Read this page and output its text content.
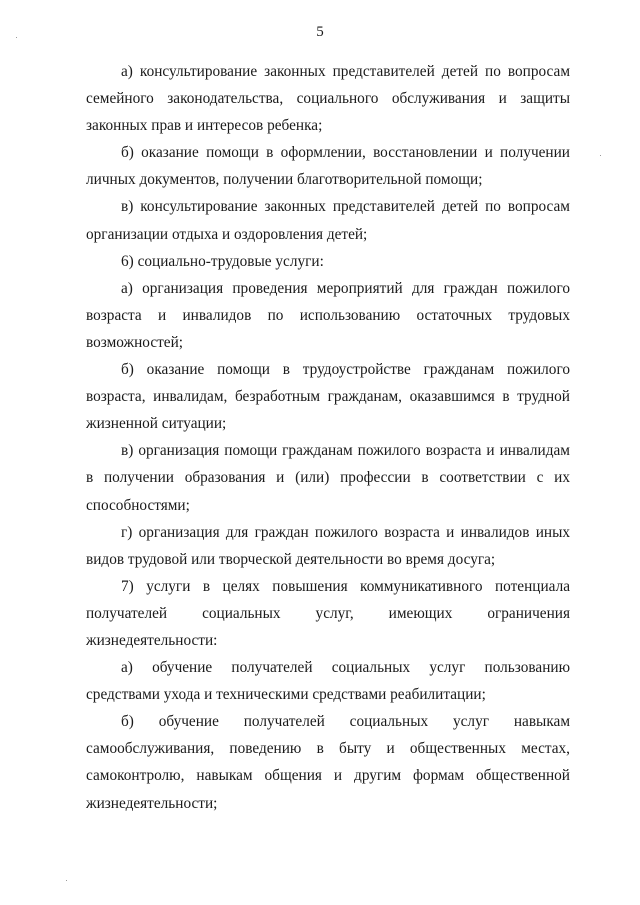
5

а) консультирование законных представителей детей по вопросам семейного законодательства, социального обслуживания и защиты законных прав и интересов ребенка;

б) оказание помощи в оформлении, восстановлении и получении личных документов, получении благотворительной помощи;

в) консультирование законных представителей детей по вопросам организации отдыха и оздоровления детей;

6) социально-трудовые услуги:

а) организация проведения мероприятий для граждан пожилого возраста и инвалидов по использованию остаточных трудовых возможностей;

б) оказание помощи в трудоустройстве гражданам пожилого возраста, инвалидам, безработным гражданам, оказавшимся в трудной жизненной ситуации;

в) организация помощи гражданам пожилого возраста и инвалидам в получении образования и (или) профессии в соответствии с их способностями;

г) организация для граждан пожилого возраста и инвалидов иных видов трудовой или творческой деятельности во время досуга;

7) услуги в целях повышения коммуникативного потенциала получателей социальных услуг, имеющих ограничения жизнедеятельности:

а) обучение получателей социальных услуг пользованию средствами ухода и техническими средствами реабилитации;

б) обучение получателей социальных услуг навыкам самообслуживания, поведению в быту и общественных местах, самоконтролю, навыкам общения и другим формам общественной жизнедеятельности;
